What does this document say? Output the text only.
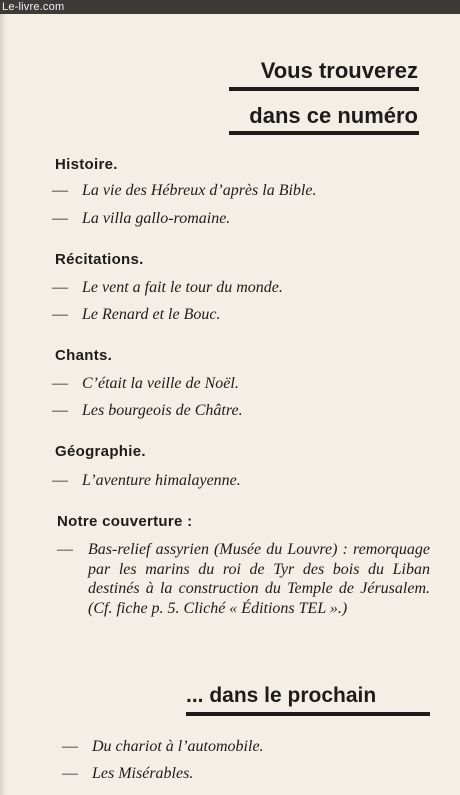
Le-livre.com
Vous trouverez
dans ce numéro
Histoire.
— La vie des Hébreux d’après la Bible.
— La villa gallo-romaine.
Récitations.
— Le vent a fait le tour du monde.
— Le Renard et le Bouc.
Chants.
— C’était la veille de Noël.
— Les bourgeois de Châtre.
Géographie.
— L’aventure himalayenne.
Notre couverture :
— Bas-relief assyrien (Musée du Louvre) : remorquage par les marins du roi de Tyr des bois du Liban destinés à la construction du Temple de Jérusalem. (Cf. fiche p. 5. Cliché « Éditions TEL ».)
... dans le prochain
— Du chariot à l’automobile.
— Les Misérables.
